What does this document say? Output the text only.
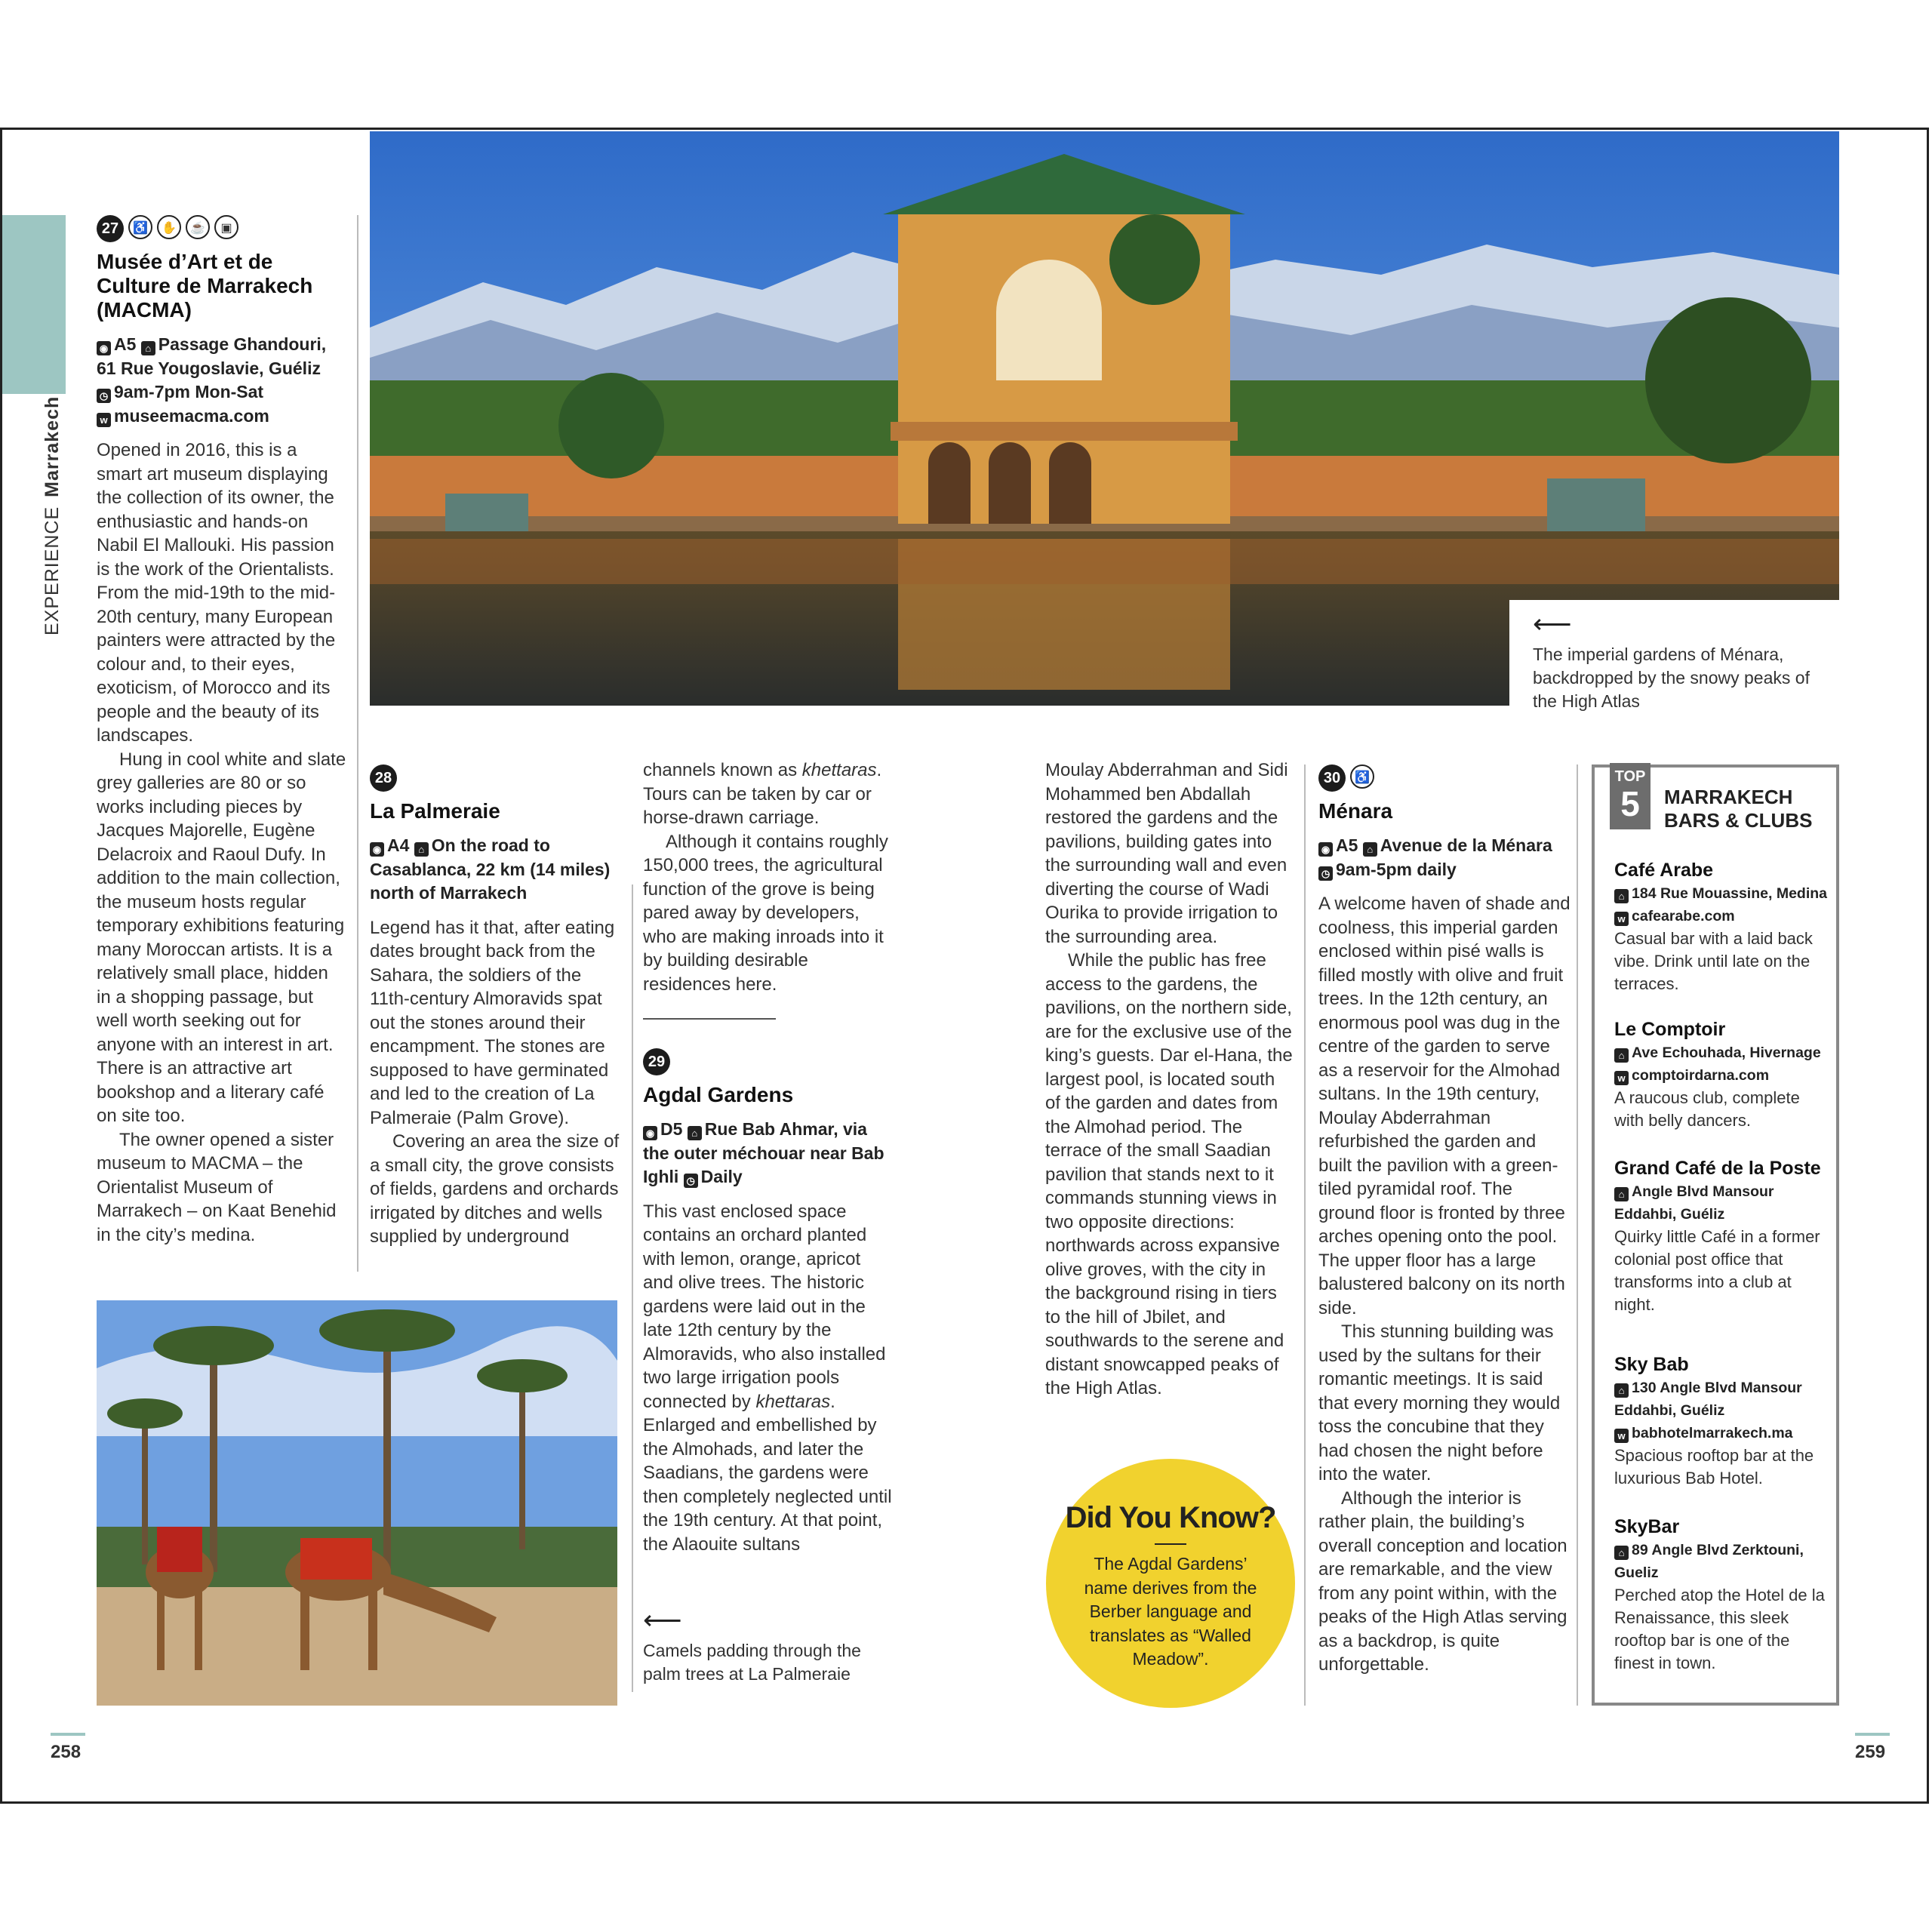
EXPERIENCEMarrakech
⟵
The imperial gardens of Ménara, backdropped by the snowy peaks of the High Atlas
27 ♿ ✋ ☕ ▣
Musée d’Art et de Culture de Marrakech (MACMA)
◉ A5 ⌂ Passage Ghandouri, 61 Rue Yougoslavie, Guéliz
◷ 9am-7pm Mon-Sat
w museemacma.com

Opened in 2016, this is a smart art museum displaying the collection of its owner, the enthusiastic and hands-on Nabil El Mallouki. His passion is the work of the Orientalists. From the mid-19th to the mid-20th century, many European painters were attracted by the colour and, to their eyes, exoticism, of Morocco and its people and the beauty of its landscapes.

Hung in cool white and slate grey galleries are 80 or so works including pieces by Jacques Majorelle, Eugène Delacroix and Raoul Dufy. In addition to the main collection, the museum hosts regular temporary exhibitions featuring many Moroccan artists. It is a relatively small place, hidden in a shopping passage, but well worth seeking out for anyone with an interest in art. There is an attractive art bookshop and a literary café on site too.

The owner opened a sister museum to MACMA – the Orientalist Museum of Marrakech – on Kaat Benehid in the city’s medina.

28
La Palmeraie
◉ A4 ⌂ On the road to Casablanca, 22 km (14 miles) north of Marrakech

Legend has it that, after eating dates brought back from the Sahara, the soldiers of the 11th-century Almoravids spat out the stones around their encampment. The stones are supposed to have germinated and led to the creation of La Palmeraie (Palm Grove).

Covering an area the size of a small city, the grove consists of fields, gardens and orchards irrigated by ditches and wells supplied by underground

channels known as khettaras. Tours can be taken by car or horse-drawn carriage.

Although it contains roughly 150,000 trees, the agricultural function of the grove is being pared away by developers, who are making inroads into it by building desirable residences here.

29
Agdal Gardens
◉ D5 ⌂ Rue Bab Ahmar, via the outer méchouar near Bab Ighli ◷ Daily

This vast enclosed space contains an orchard planted with lemon, orange, apricot and olive trees. The historic gardens were laid out in the late 12th century by the Almoravids, who also installed two large irrigation pools connected by khettaras. Enlarged and embellished by the Almohads, and later the Saadians, the gardens were then completely neglected until the 19th century. At that point, the Alaouite sultans

⟵
Camels padding through the palm trees at La Palmeraie

Moulay Abderrahman and Sidi Mohammed ben Abdallah restored the gardens and the pavilions, building gates into the surrounding wall and even diverting the course of Wadi Ourika to provide irrigation to the surrounding area.

While the public has free access to the gardens, the pavilions, on the northern side, are for the exclusive use of the king’s guests. Dar el-Hana, the largest pool, is located south of the garden and dates from the Almohad period. The terrace of the small Saadian pavilion that stands next to it commands stunning views in two opposite directions: northwards across expansive olive groves, with the city in the background rising in tiers to the hill of Jbilet, and southwards to the serene and distant snowcapped peaks of the High Atlas.

Did You Know?
The Agdal Gardens’ name derives from the Berber language and translates as “Walled Meadow”.
30 ♿
Ménara
◉ A5 ⌂ Avenue de la Ménara ◷ 9am-5pm daily

A welcome haven of shade and coolness, this imperial garden enclosed within pisé walls is filled mostly with olive and fruit trees. In the 12th century, an enormous pool was dug in the centre of the garden to serve as a reservoir for the Almohad sultans. In the 19th century, Moulay Abderrahman refurbished the garden and built the pavilion with a green-tiled pyramidal roof. The ground floor is fronted by three arches opening onto the pool. The upper floor has a large balustered balcony on its north side.

This stunning building was used by the sultans for their romantic meetings. It is said that every morning they would toss the concubine that they had chosen the night before into the water.

Although the interior is rather plain, the building’s overall conception and location are remarkable, and the view from any point within, with the peaks of the High Atlas serving as a backdrop, is quite unforgettable.

TOP
5	MARRAKECH BARS & CLUBS
Café Arabe
⌂ 184 Rue Mouassine, Medina w cafearabe.com
Casual bar with a laid back vibe. Drink until late on the terraces.
Le Comptoir
⌂ Ave Echouhada, Hivernage
w comptoirdarna.com
A raucous club, complete with belly dancers.
Grand Café de la Poste
⌂ Angle Blvd Mansour Eddahbi, Guéliz
Quirky little Café in a former colonial post office that transforms into a club at night.
Sky Bab
⌂ 130 Angle Blvd Mansour Eddahbi, Guéliz
w babhotelmarrakech.ma
Spacious rooftop bar at the luxurious Bab Hotel.
SkyBar
⌂ 89 Angle Blvd Zerktouni, Gueliz
Perched atop the Hotel de la Renaissance, this sleek rooftop bar is one of the finest in town.
258	259
